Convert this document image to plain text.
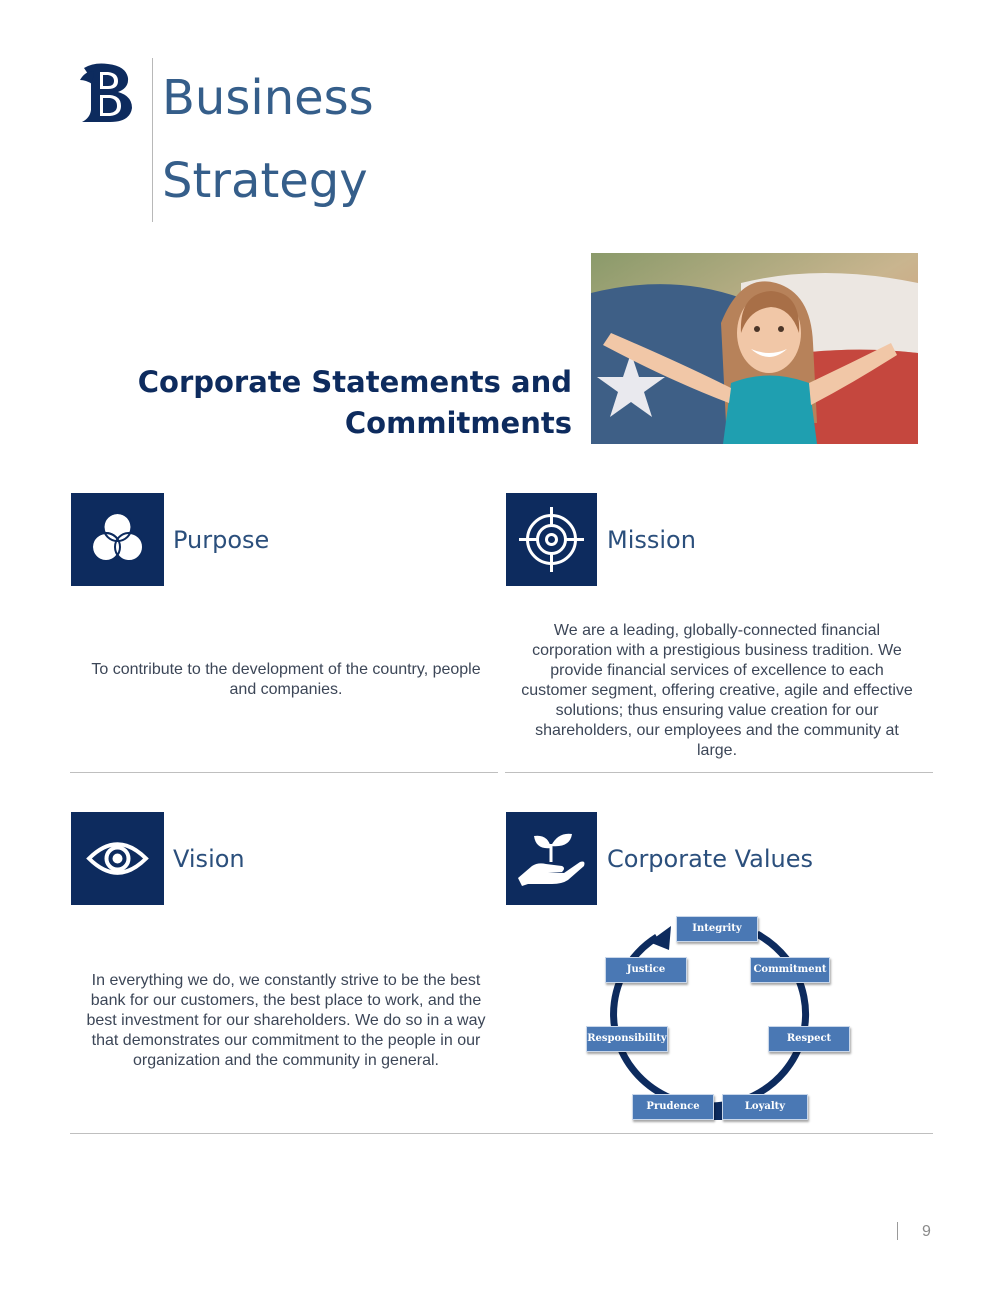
Business
Strategy
Corporate Statements and
Commitments
Purpose
To contribute to the development of the country, people and companies.
Mission
We are a leading, globally-connected financial corporation with a prestigious business tradition. We provide financial services of excellence to each customer segment, offering creative, agile and effective solutions; thus ensuring value creation for our shareholders, our employees and the community at large.
Vision
In everything we do, we constantly strive to be the best bank for our customers, the best place to work, and the best investment for our shareholders. We do so in a way that demonstrates our commitment to the people in our organization and the community in general.
Corporate Values
Integrity
Commitment
Respect
Loyalty
Prudence
Responsibility
Justice
9
